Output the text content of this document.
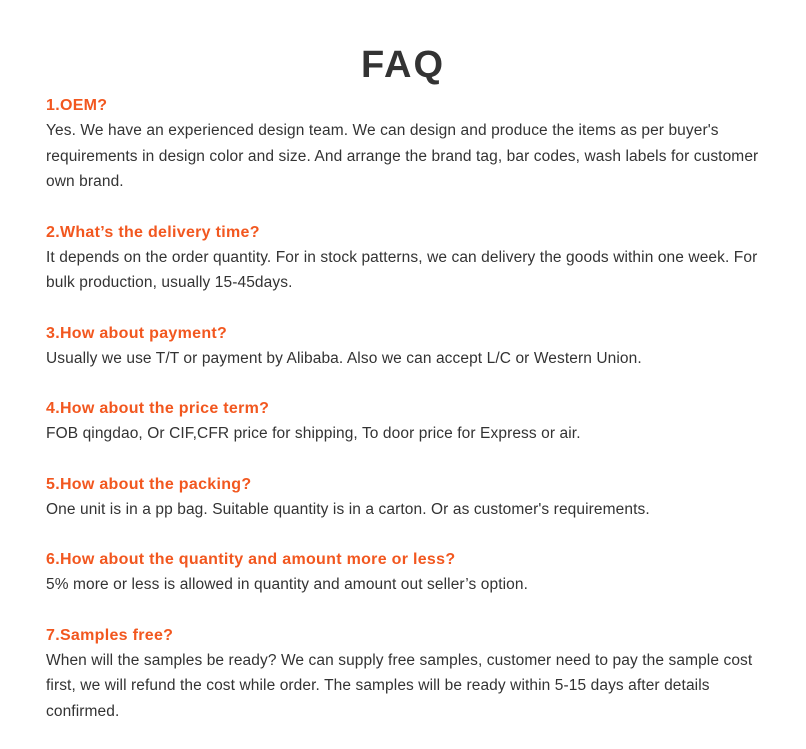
FAQ

1.OEM?

Yes. We have an experienced design team. We can design and produce the items as per buyer's requirements in design color and size. And arrange the brand tag, bar codes, wash labels for customer own brand.

2.What’s the delivery time?

It depends on the order quantity. For in stock patterns, we can delivery the goods within one week. For bulk production, usually 15-45days.

3.How about payment?

Usually we use T/T or payment by Alibaba. Also we can accept L/C or Western Union.

4.How about the price term?

FOB qingdao, Or CIF,CFR price for shipping, To door price for Express or air.

5.How about the packing?

One unit is in a pp bag. Suitable quantity is in a carton. Or as customer's requirements.

6.How about the quantity and amount more or less?

5% more or less is allowed in quantity and amount out seller’s option.

7.Samples free?

When will the samples be ready? We can supply free samples, customer need to pay the sample cost first, we will refund the cost while order. The samples will be ready within 5-15 days after details confirmed.
